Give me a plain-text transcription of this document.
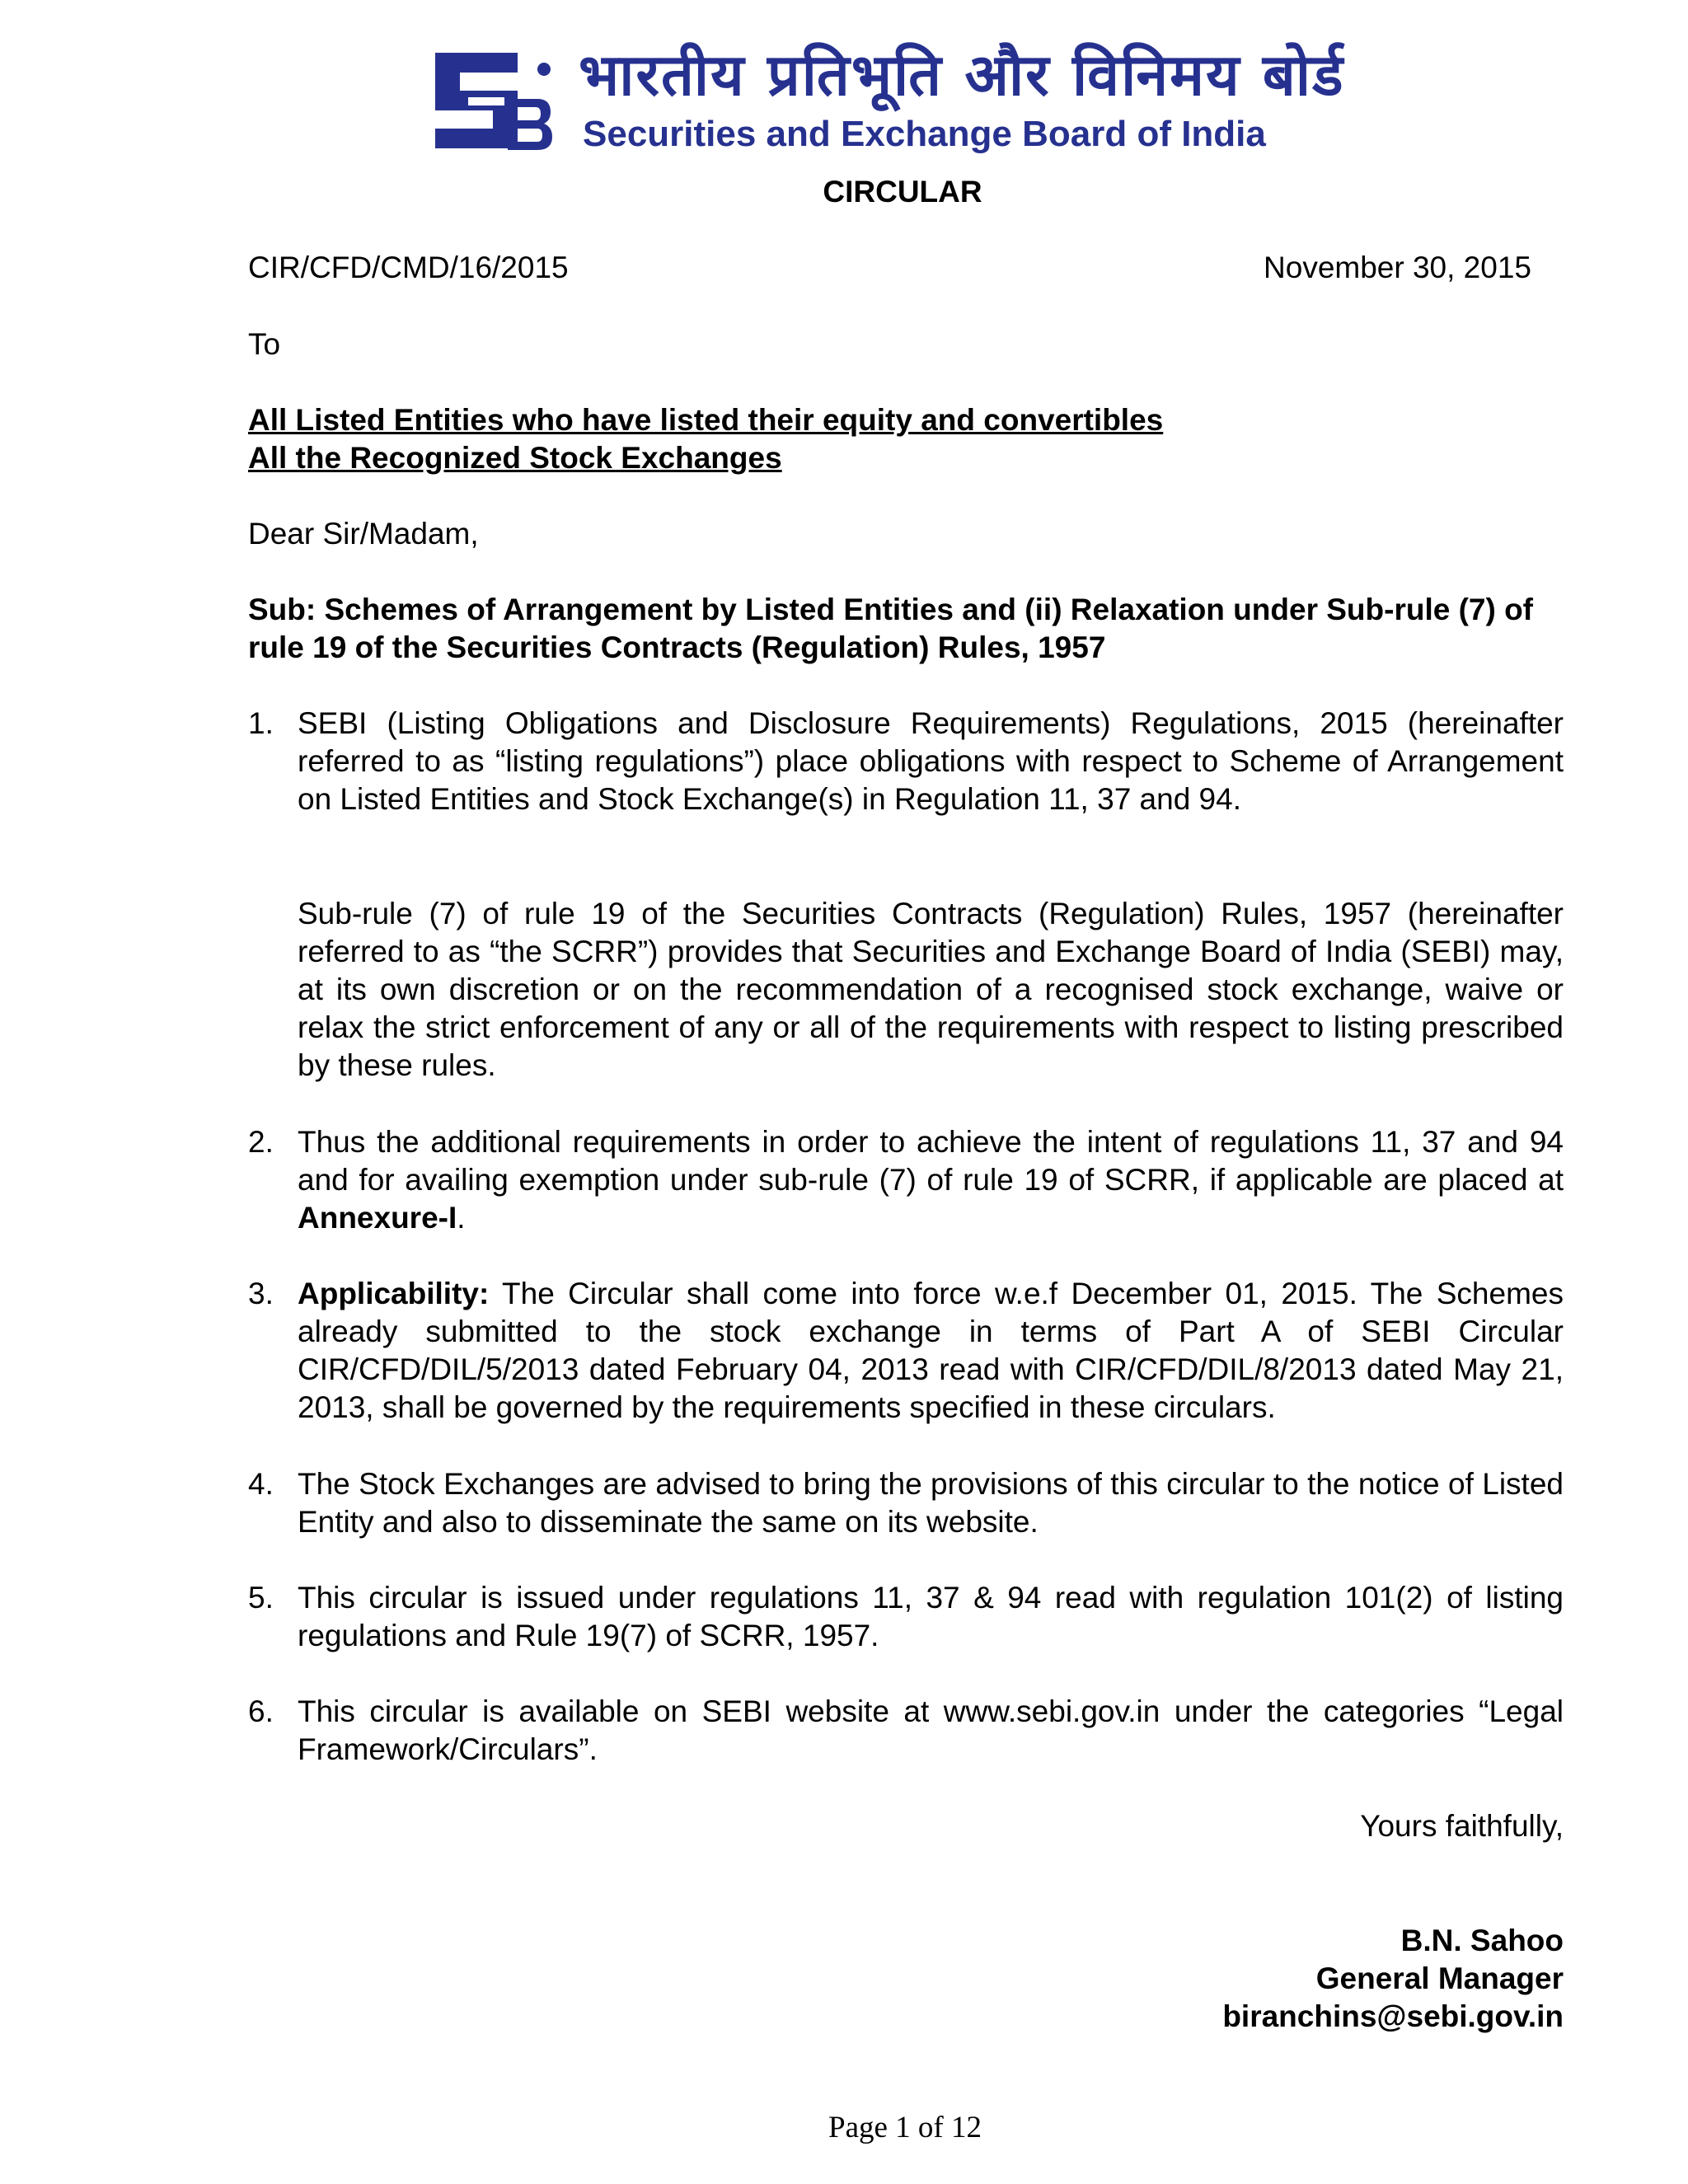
भारतीय प्रतिभूति और विनिमय बोर्ड
Securities and Exchange Board of India
CIRCULAR
CIR/CFD/CMD/16/2015	November 30, 2015
To
All Listed Entities who have listed their equity and convertibles
All the Recognized Stock Exchanges
Dear Sir/Madam,
Sub: Schemes of Arrangement by Listed Entities and (ii) Relaxation under Sub-rule (7) of rule 19 of the Securities Contracts (Regulation) Rules, 1957
1. SEBI (Listing Obligations and Disclosure Requirements) Regulations, 2015 (hereinafter referred to as “listing regulations”) place obligations with respect to Scheme of Arrangement on Listed Entities and Stock Exchange(s) in Regulation 11, 37 and 94.
Sub-rule (7) of rule 19 of the Securities Contracts (Regulation) Rules, 1957 (hereinafter referred to as “the SCRR”) provides that Securities and Exchange Board of India (SEBI) may, at its own discretion or on the recommendation of a recognised stock exchange, waive or relax the strict enforcement of any or all of the requirements with respect to listing prescribed by these rules.
2. Thus the additional requirements in order to achieve the intent of regulations 11, 37 and 94 and for availing exemption under sub-rule (7) of rule 19 of SCRR, if applicable are placed at Annexure-I.
3. Applicability: The Circular shall come into force w.e.f December 01, 2015. The Schemes already submitted to the stock exchange in terms of Part A of SEBI Circular CIR/CFD/DIL/5/2013 dated February 04, 2013 read with CIR/CFD/DIL/8/2013 dated May 21, 2013, shall be governed by the requirements specified in these circulars.
4. The Stock Exchanges are advised to bring the provisions of this circular to the notice of Listed Entity and also to disseminate the same on its website.
5. This circular is issued under regulations 11, 37 & 94 read with regulation 101(2) of listing regulations and Rule 19(7) of SCRR, 1957.
6. This circular is available on SEBI website at www.sebi.gov.in under the categories “Legal Framework/Circulars”.
Yours faithfully,
B.N. Sahoo
General Manager
biranchins@sebi.gov.in
Page 1 of 12
